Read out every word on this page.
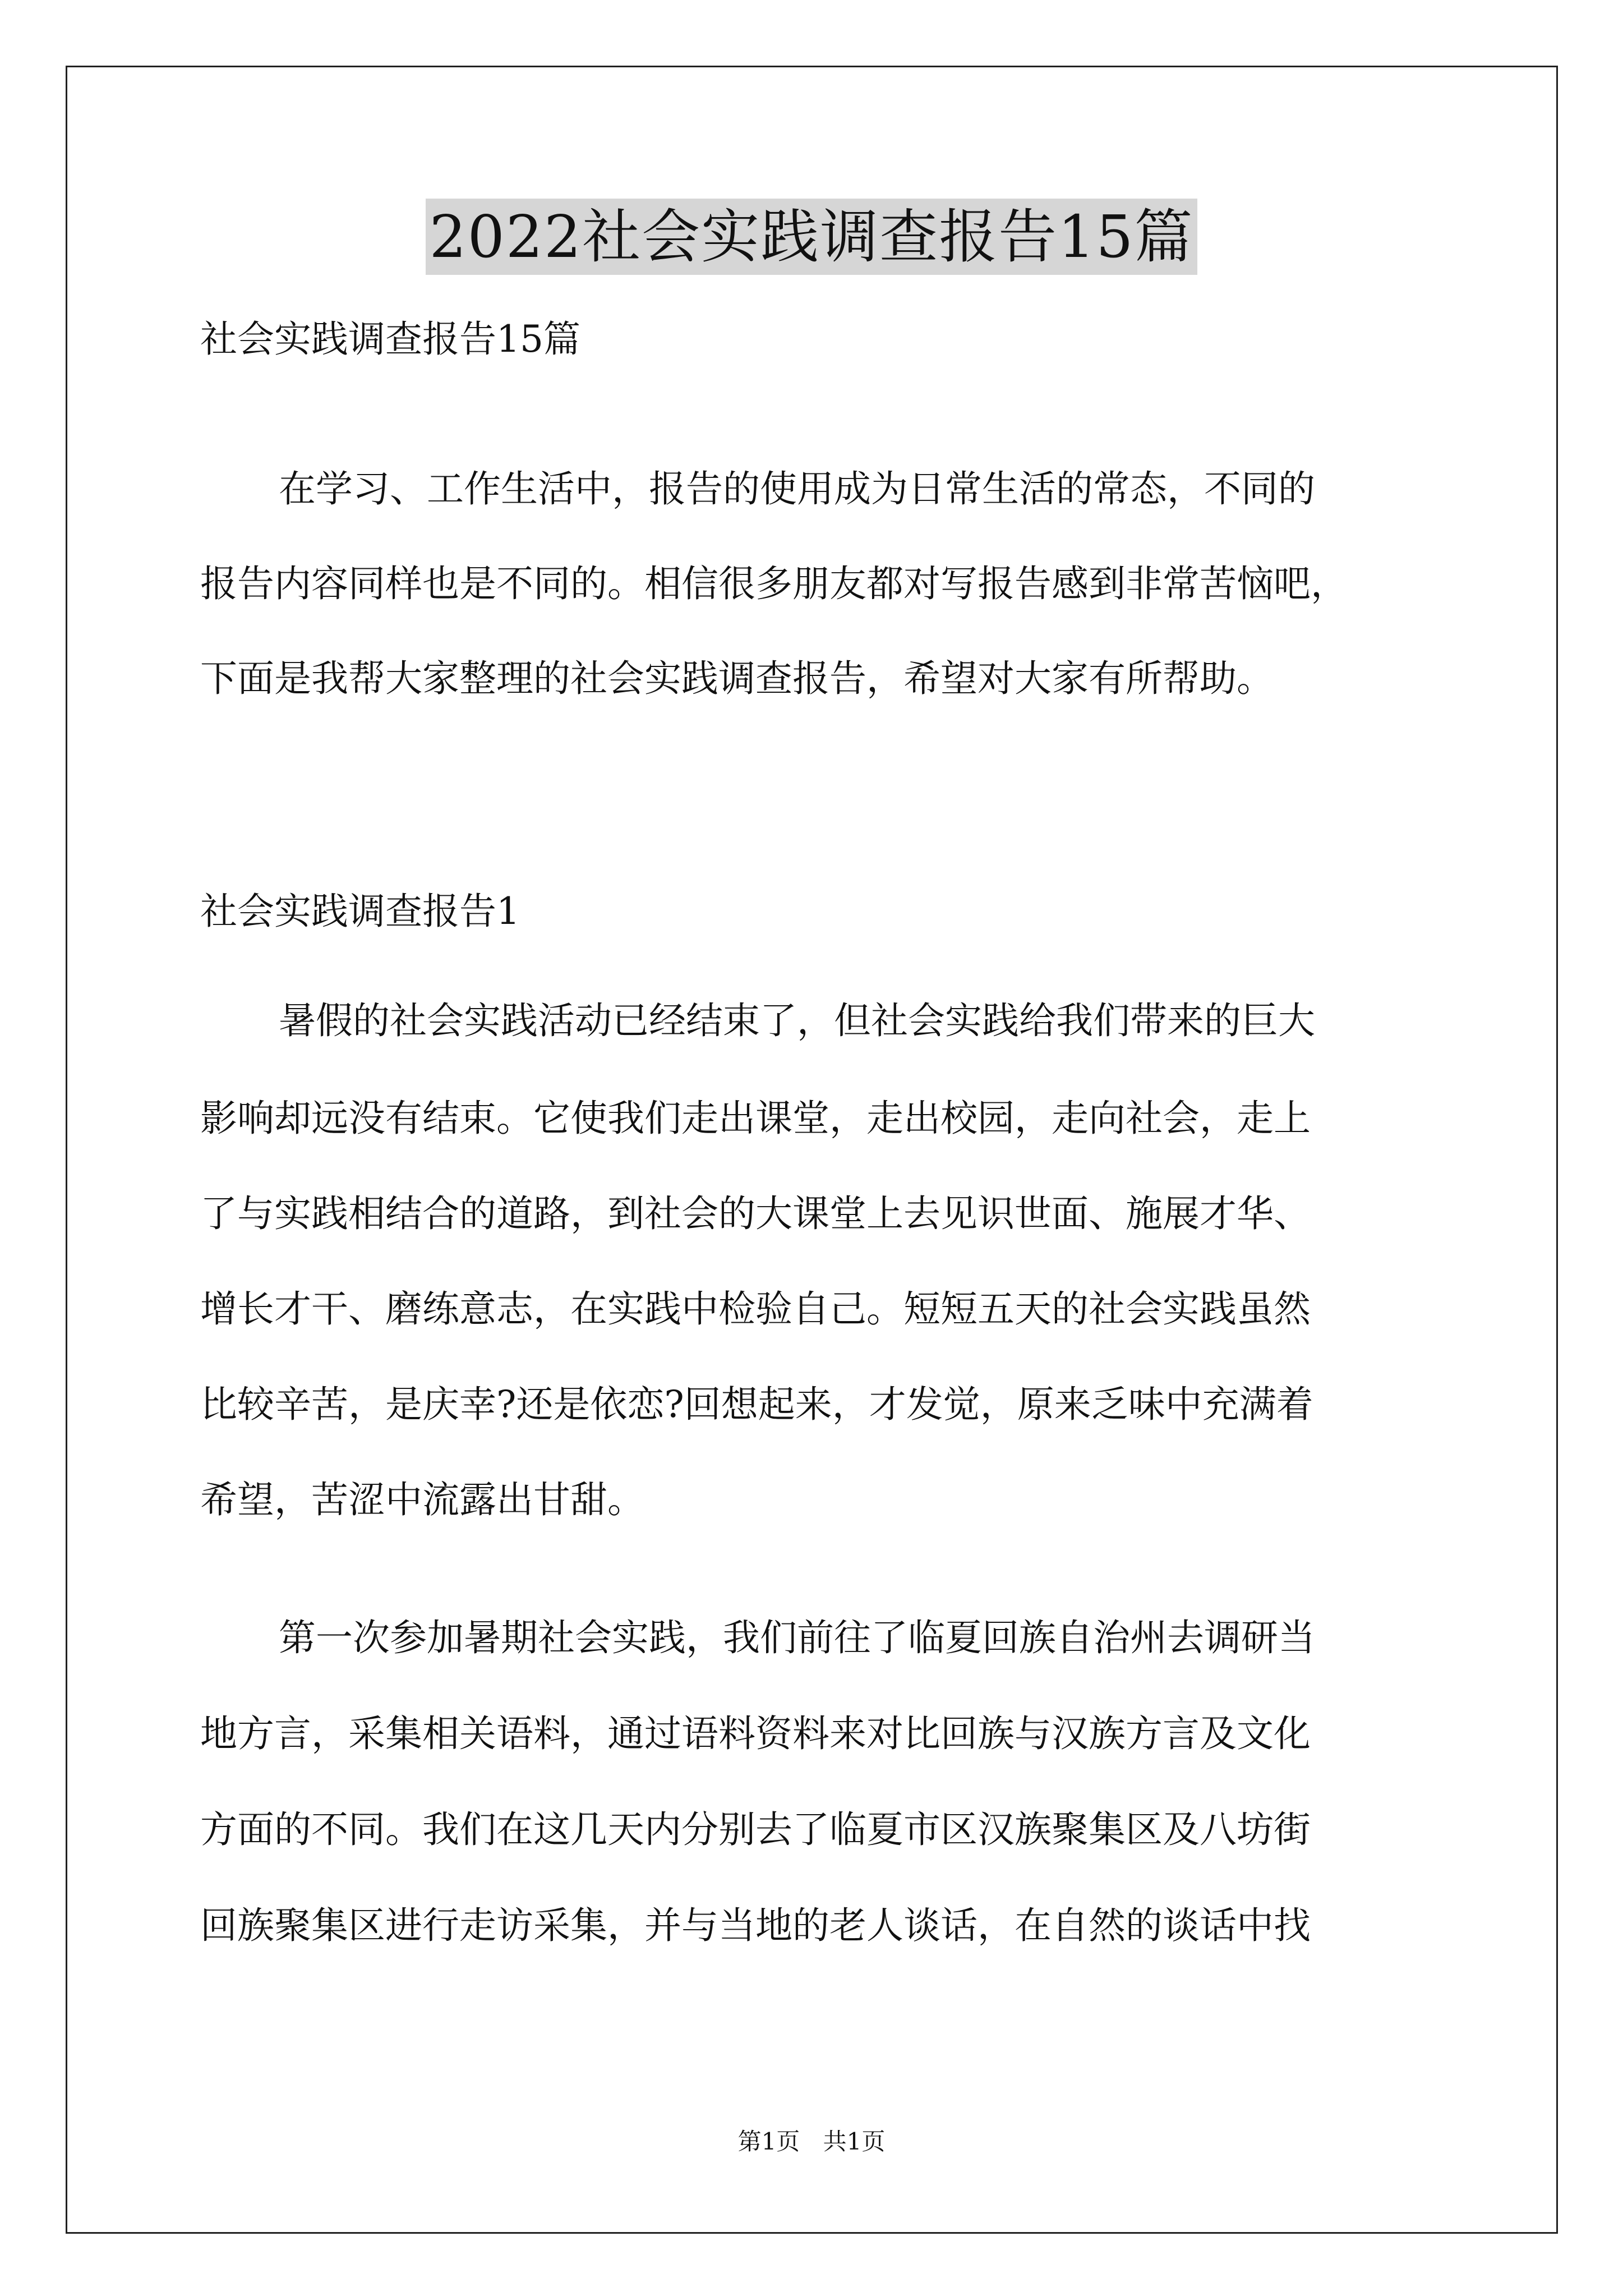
2022社会实践调查报告15篇
社会实践调查报告15篇
在学习、工作生活中，报告的使用成为日常生活的常态，不同的
报告内容同样也是不同的。相信很多朋友都对写报告感到非常苦恼吧，
下面是我帮大家整理的社会实践调查报告，希望对大家有所帮助。
社会实践调查报告1
暑假的社会实践活动已经结束了，但社会实践给我们带来的巨大
影响却远没有结束。它使我们走出课堂，走出校园，走向社会，走上
了与实践相结合的道路，到社会的大课堂上去见识世面、施展才华、
增长才干、磨练意志，在实践中检验自己。短短五天的社会实践虽然
比较辛苦，是庆幸?还是依恋?回想起来，才发觉，原来乏味中充满着
希望，苦涩中流露出甘甜。
第一次参加暑期社会实践，我们前往了临夏回族自治州去调研当
地方言，采集相关语料，通过语料资料来对比回族与汉族方言及文化
方面的不同。我们在这几天内分别去了临夏市区汉族聚集区及八坊街
回族聚集区进行走访采集，并与当地的老人谈话，在自然的谈话中找
第1页 共1页
